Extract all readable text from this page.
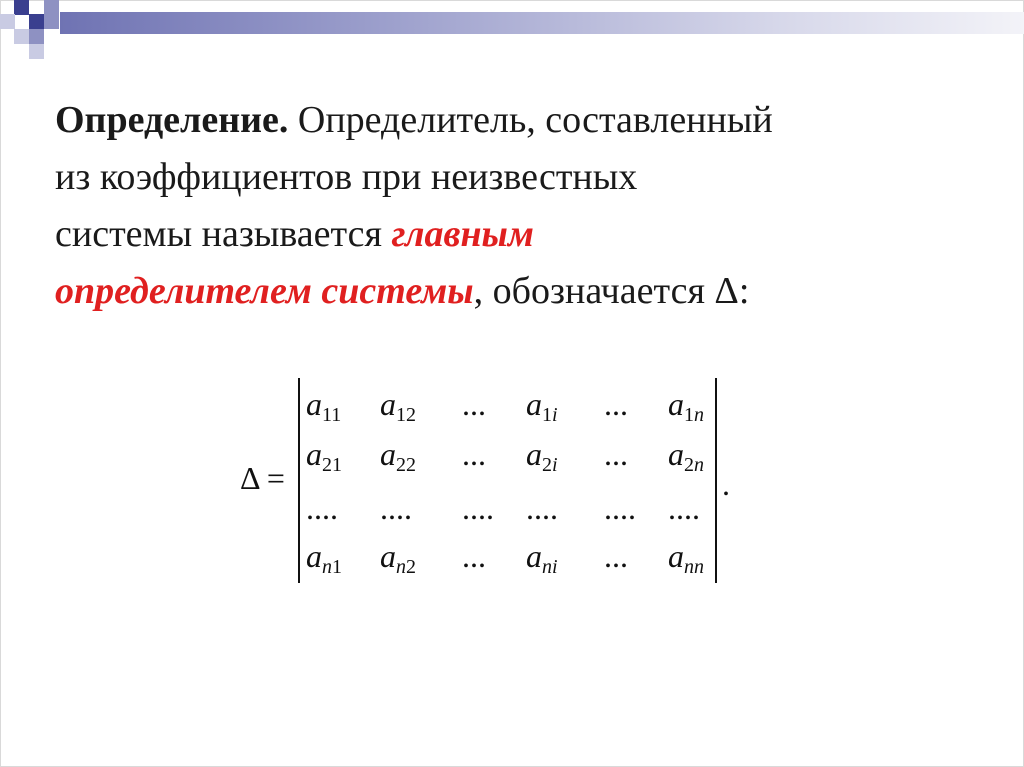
Определение. Определитель, составленный
из коэффициентов при неизвестных
системы называется главным
определителем системы, обозначается Δ:
Δ =	.
$a_{11}$ $a_{12}$ ... $a_{1i}$ ... $a_{1n}$
$a_{21}$ $a_{22}$ ... $a_{2i}$ ... $a_{2n}$
.... .... .... .... .... ....
$a_{n1}$ $a_{n2}$ ... $a_{ni}$ ... $a_{nn}$
